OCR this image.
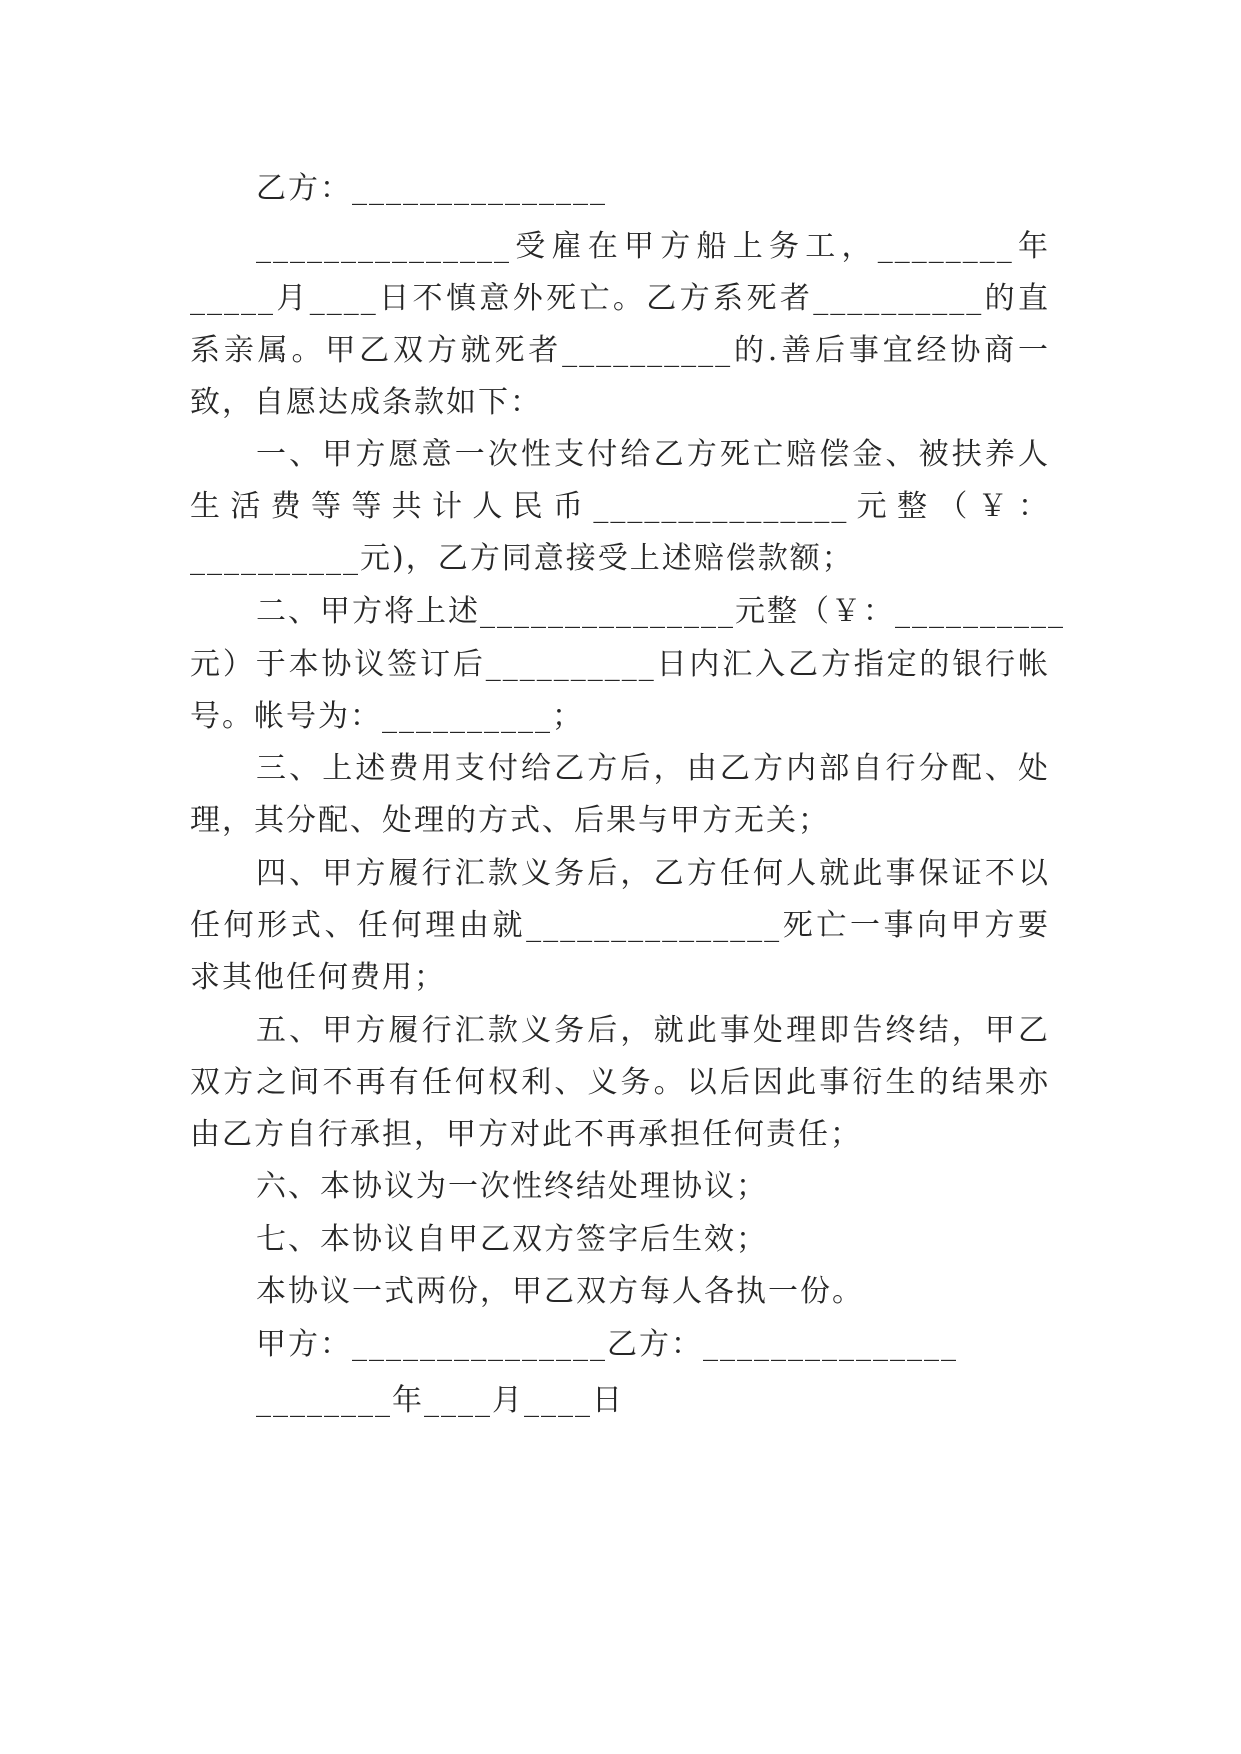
乙方：_______________
_______________受雇在甲方船上务工，________年
_____月____日不慎意外死亡。乙方系死者__________的直
系亲属。甲乙双方就死者__________的.善后事宜经协商一
致，自愿达成条款如下：
一、甲方愿意一次性支付给乙方死亡赔偿金、被扶养人
生活费等等共计人民币_______________元整（￥：
__________元)，乙方同意接受上述赔偿款额；
二、甲方将上述_______________元整（￥：__________
元）于本协议签订后__________日内汇入乙方指定的银行帐
号。帐号为：__________；
三、上述费用支付给乙方后，由乙方内部自行分配、处
理，其分配、处理的方式、后果与甲方无关；
四、甲方履行汇款义务后，乙方任何人就此事保证不以
任何形式、任何理由就_______________死亡一事向甲方要
求其他任何费用；
五、甲方履行汇款义务后，就此事处理即告终结，甲乙
双方之间不再有任何权利、义务。以后因此事衍生的结果亦
由乙方自行承担，甲方对此不再承担任何责任；
六、本协议为一次性终结处理协议；
七、本协议自甲乙双方签字后生效；
本协议一式两份，甲乙双方每人各执一份。
甲方：_______________乙方：_______________
________年____月____日
